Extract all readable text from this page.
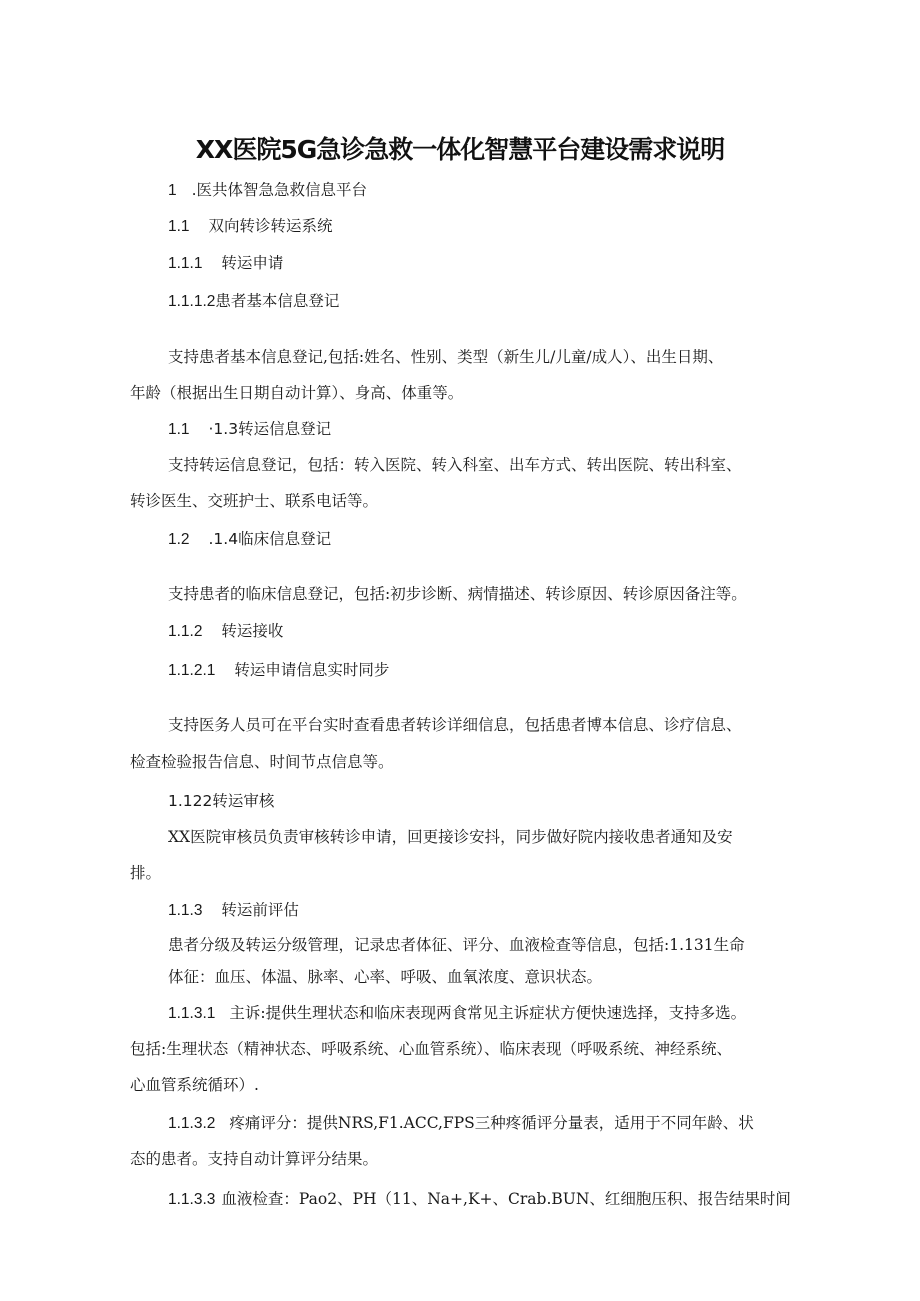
XX医院5G急诊急救一体化智慧平台建设需求说明
1 .医共体智急急救信息平台
1.1 双向转诊转运系统
1.1.1 转运申请
1.1.1.2患者基本信息登记
支持患者基本信息登记,包括:姓名、性别、类型（新生儿/儿童/成人）、出生日期、
年龄（根据出生日期自动计算）、身高、体重等。
1.1 ·1.3转运信息登记
支持转运信息登记，包括：转入医院、转入科室、出车方式、转出医院、转出科室、
转诊医生、交班护士、联系电话等。
1.2 .1.4临床信息登记
支持患者的临床信息登记，包括:初步诊断、病情描述、转诊原因、转诊原因备注等。
1.1.2 转运接收
1.1.2.1 转运申请信息实时同步
支持医务人员可在平台实时查看患者转诊详细信息，包括患者博本信息、诊疗信息、
检查检验报告信息、时间节点信息等。
1.122转运审核
XX医院审核员负责审核转诊申请，回更接诊安抖，同步做好院内接收患者通知及安
排。
1.1.3 转运前评估
患者分级及转运分级管理，记录忠者体征、评分、血液检查等信息，包括:1.131生命
体征：血压、体温、脉率、心率、呼吸、血氧浓度、意识状态。
1.1.3.1 主诉:提供生理状态和临床表现两食常见主诉症状方便快速选择，支持多选。
包括:生理状态（精神状态、呼吸系统、心血管系统）、临床表现（呼吸系统、神经系统、
心血管系统循环）.
1.1.3.2 疼痛评分：提供NRS,F1.ACC,FPS三种疼循评分量表，适用于不同年龄、状
态的患者。支持自动计算评分结果。
1.1.3.3 血液检查：Pao2、PH（11、Na+,K+、Crab.BUN、红细胞压积、报告结果时间
